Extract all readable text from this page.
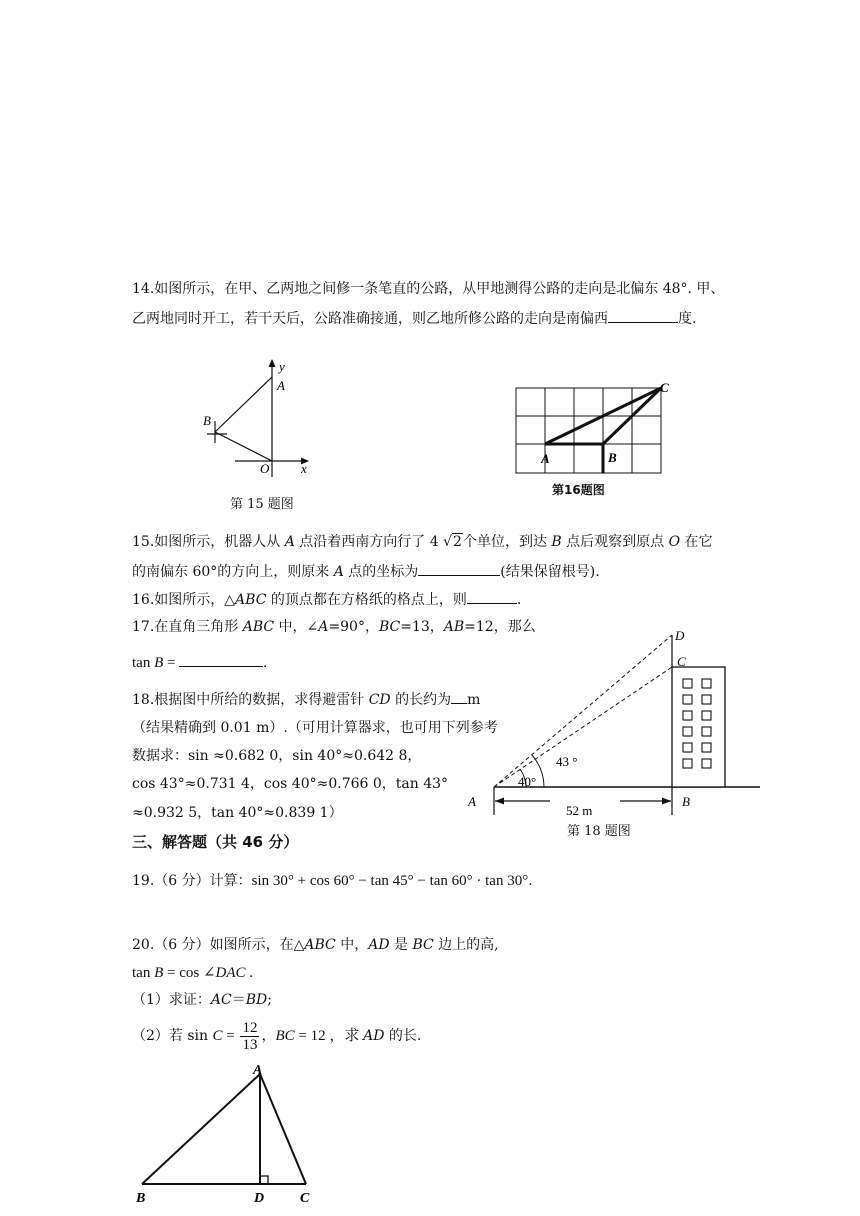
14.如图所示，在甲、乙两地之间修一条笔直的公路，从甲地测得公路的走向是北偏东 48°. 甲、
乙两地同时开工，若干天后，公路准确接通，则乙地所修公路的走向是南偏西	度.
y
A
B
O x
第 15 题图
A	B
C
第16题图
15.如图所示，机器人从 A 点沿着西南方向行了 4 √2个单位，到达 B 点后观察到原点 O 在它
的南偏东 60°的方向上，则原来 A 点的坐标为	(结果保留根号).
16.如图所示，△ABC 的顶点都在方格纸的格点上，则	.
17.在直角三角形 ABC 中，∠A=90°，BC=13，AB=12，那么
tan B =	.
18.根据图中所给的数据，求得避雷针 CD 的长约为 m
（结果精确到 0.01 m）.（可用计算器求，也可用下列参考
数据求：sin ≈0.682 0，sin 40°≈0.642 8，
cos 43°≈0.731 4，cos 40°≈0.766 0，tan 43°
≈0.932 5，tan 40°≈0.839 1）
D
C
43 °
40°
A	B
52 m
第 18 题图
三、解答题（共 46 分）
19.（6 分）计算：sin 30° + cos 60° − tan 45° − tan 60° · tan 30°.
20.（6 分）如图所示，在△ABC 中，AD 是 BC 边上的高,
tan B = cos ∠DAC .
（1）求证：AC＝BD;
（2）若 $\sin C = \frac{12}{13}$ ，BC = 12 ，求 AD 的长.
A
B	D	C
